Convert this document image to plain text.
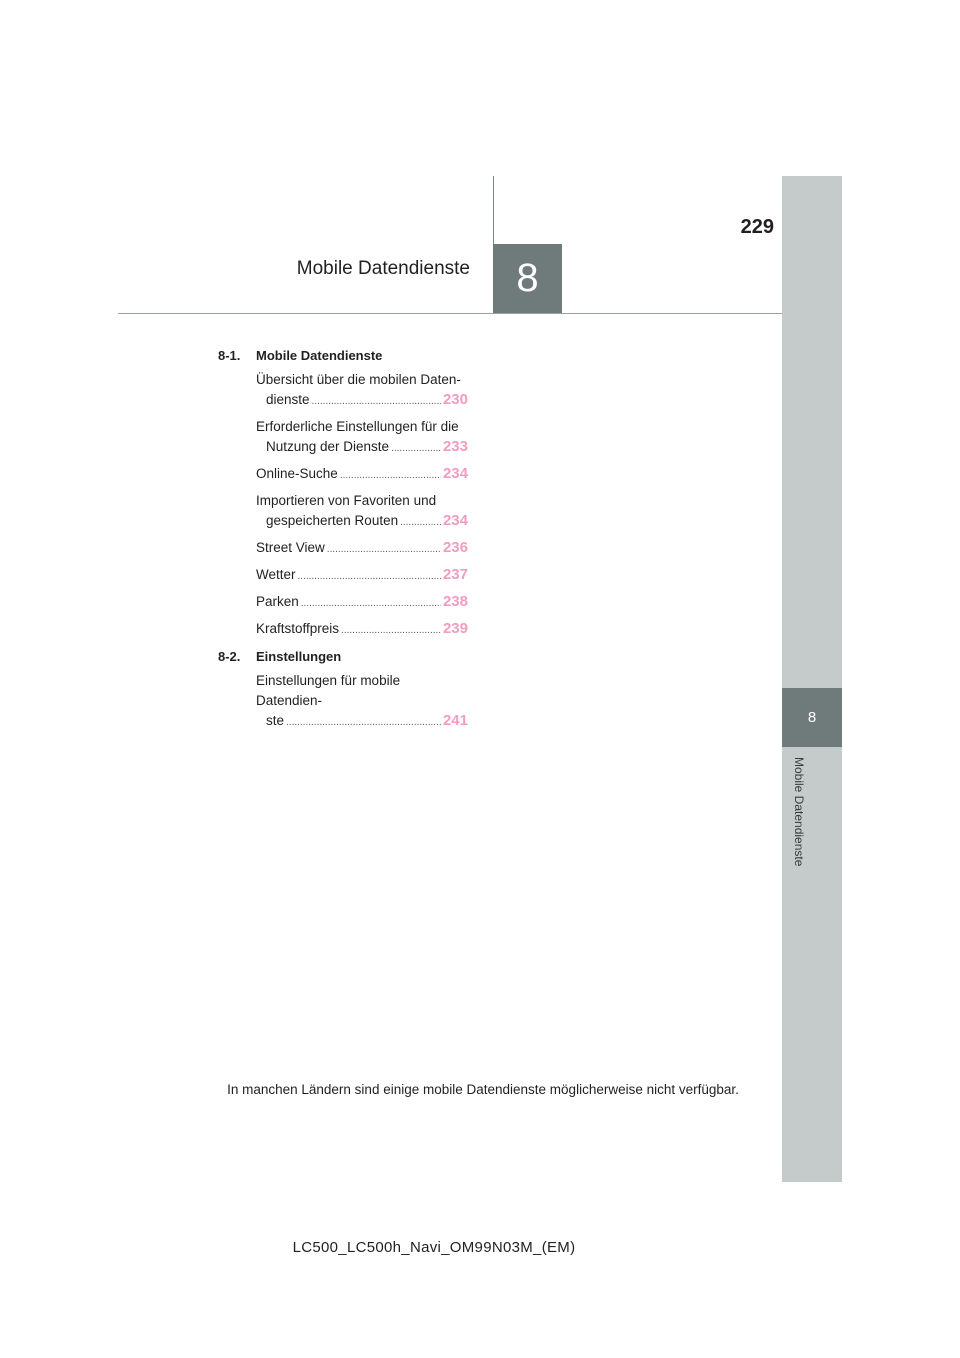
229
Mobile Datendienste 8
8
Mobile Datendienste
8-1.	Mobile Datendienste
Übersicht über die mobilen Daten-
dienste .....	230
Erforderliche Einstellungen für die
Nutzung der Dienste .....	233
Online-Suche .....	234
Importieren von Favoriten und
gespeicherten Routen .....	234
Street View .....	236
Wetter .....	237
Parken .....	238
Kraftstoffpreis .....	239
8-2.	Einstellungen
Einstellungen für mobile Datendien-
ste .....	241
In manchen Ländern sind einige mobile Datendienste möglicherweise nicht verfügbar.
LC500_LC500h_Navi_OM99N03M_(EM)
